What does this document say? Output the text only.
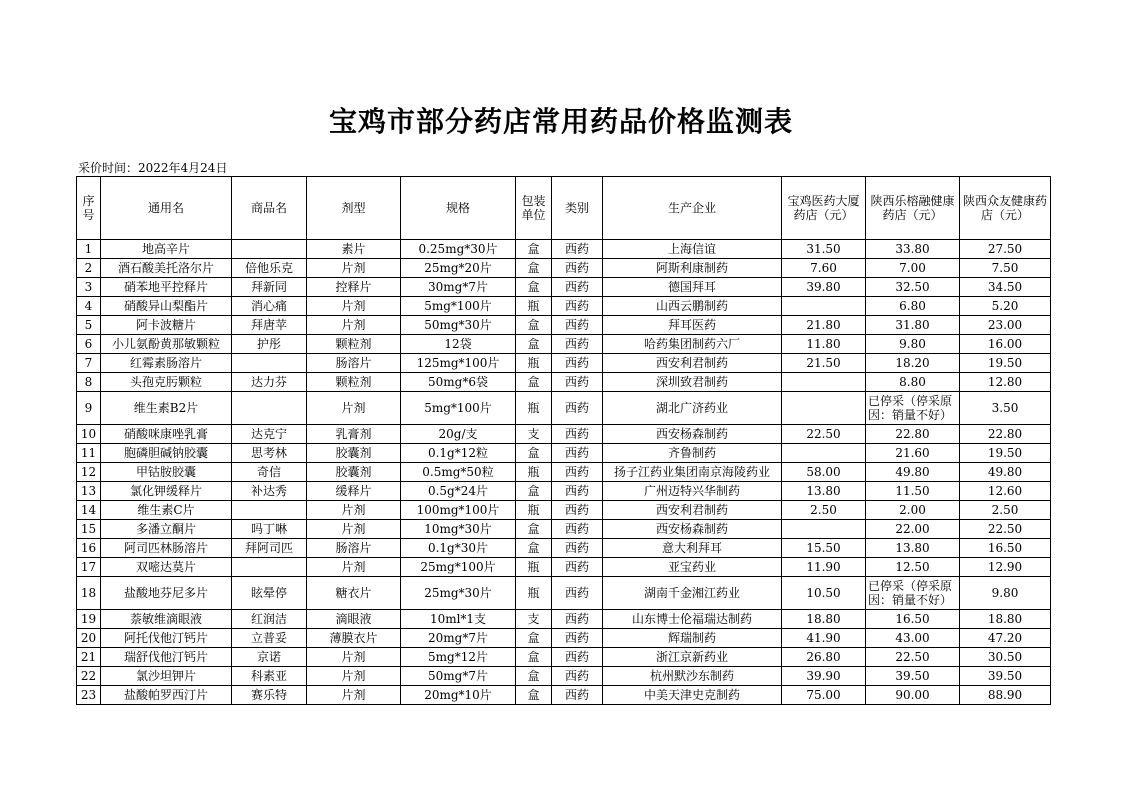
宝鸡市部分药店常用药品价格监测表
采价时间：2022年4月24日
序号	通用名	商品名	剂型	规格	包装单位	类别	生产企业	宝鸡医药大厦药店（元）	陕西乐榕融健康药店（元）	陕西众友健康药店（元）
1	地高辛片		素片	0.25mg*30片	盒	西药	上海信谊	31.50	33.80	27.50
2	酒石酸美托洛尔片	倍他乐克	片剂	25mg*20片	盒	西药	阿斯利康制药	7.60	7.00	7.50
3	硝苯地平控释片	拜新同	控释片	30mg*7片	盒	西药	德国拜耳	39.80	32.50	34.50
4	硝酸异山梨酯片	消心痛	片剂	5mg*100片	瓶	西药	山西云鹏制药		6.80	5.20
5	阿卡波糖片	拜唐苹	片剂	50mg*30片	盒	西药	拜耳医药	21.80	31.80	23.00
6	小儿氨酚黄那敏颗粒	护彤	颗粒剂	12袋	盒	西药	哈药集团制药六厂	11.80	9.80	16.00
7	红霉素肠溶片		肠溶片	125mg*100片	瓶	西药	西安利君制药	21.50	18.20	19.50
8	头孢克肟颗粒	达力芬	颗粒剂	50mg*6袋	盒	西药	深圳致君制药		8.80	12.80
9	维生素B2片		片剂	5mg*100片	瓶	西药	湖北广济药业		已停采（停采原因：销量不好）	3.50
10	硝酸咪康唑乳膏	达克宁	乳膏剂	20g/支	支	西药	西安杨森制药	22.50	22.80	22.80
11	胞磷胆碱钠胶囊	思考林	胶囊剂	0.1g*12粒	盒	西药	齐鲁制药		21.60	19.50
12	甲钴胺胶囊	奇信	胶囊剂	0.5mg*50粒	瓶	西药	扬子江药业集团南京海陵药业	58.00	49.80	49.80
13	氯化钾缓释片	补达秀	缓释片	0.5g*24片	盒	西药	广州迈特兴华制药	13.80	11.50	12.60
14	维生素C片		片剂	100mg*100片	瓶	西药	西安利君制药	2.50	2.00	2.50
15	多潘立酮片	吗丁啉	片剂	10mg*30片	盒	西药	西安杨森制药		22.00	22.50
16	阿司匹林肠溶片	拜阿司匹	肠溶片	0.1g*30片	盒	西药	意大利拜耳	15.50	13.80	16.50
17	双嘧达莫片		片剂	25mg*100片	瓶	西药	亚宝药业	11.90	12.50	12.90
18	盐酸地芬尼多片	眩晕停	糖衣片	25mg*30片	瓶	西药	湖南千金湘江药业	10.50	已停采（停采原因：销量不好）	9.80
19	萘敏维滴眼液	红润洁	滴眼液	10ml*1支	支	西药	山东博士伦福瑞达制药	18.80	16.50	18.80
20	阿托伐他汀钙片	立普妥	薄膜衣片	20mg*7片	盒	西药	辉瑞制药	41.90	43.00	47.20
21	瑞舒伐他汀钙片	京诺	片剂	5mg*12片	盒	西药	浙江京新药业	26.80	22.50	30.50
22	氯沙坦钾片	科素亚	片剂	50mg*7片	盒	西药	杭州默沙东制药	39.90	39.50	39.50
23	盐酸帕罗西汀片	赛乐特	片剂	20mg*10片	盒	西药	中美天津史克制药	75.00	90.00	88.90
